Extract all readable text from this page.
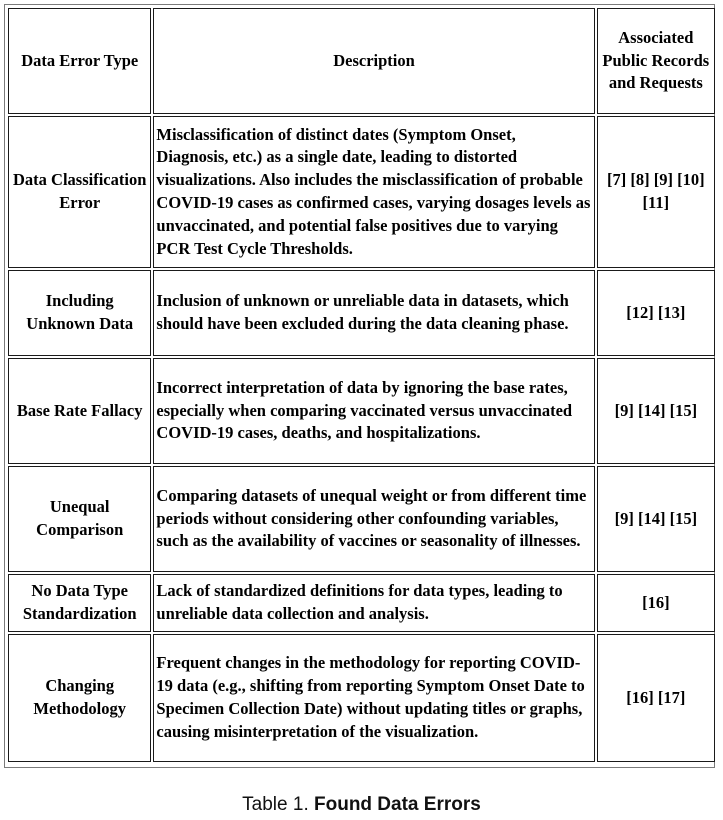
Data Error Type	Description	Associated Public Records and Requests
Data Classification Error	Misclassification of distinct dates (Symptom Onset, Diagnosis, etc.) as a single date, leading to distorted visualizations. Also includes the misclassification of probable COVID-19 cases as confirmed cases, varying dosages levels as unvaccinated, and potential false positives due to varying PCR Test Cycle Thresholds.	[7] [8] [9] [10] [11]
Including Unknown Data	Inclusion of unknown or unreliable data in datasets, which should have been excluded during the data cleaning phase.	[12] [13]
Base Rate Fallacy	Incorrect interpretation of data by ignoring the base rates, especially when comparing vaccinated versus unvaccinated COVID-19 cases, deaths, and hospitalizations.	[9] [14] [15]
Unequal Comparison	Comparing datasets of unequal weight or from different time periods without considering other confounding variables, such as the availability of vaccines or seasonality of illnesses.	[9] [14] [15]
No Data Type Standardization	Lack of standardized definitions for data types, leading to unreliable data collection and analysis.	[16]
Changing Methodology	Frequent changes in the methodology for reporting COVID-19 data (e.g., shifting from reporting Symptom Onset Date to Specimen Collection Date) without updating titles or graphs, causing misinterpretation of the visualization.	[16] [17]
Table 1. Found Data Errors
